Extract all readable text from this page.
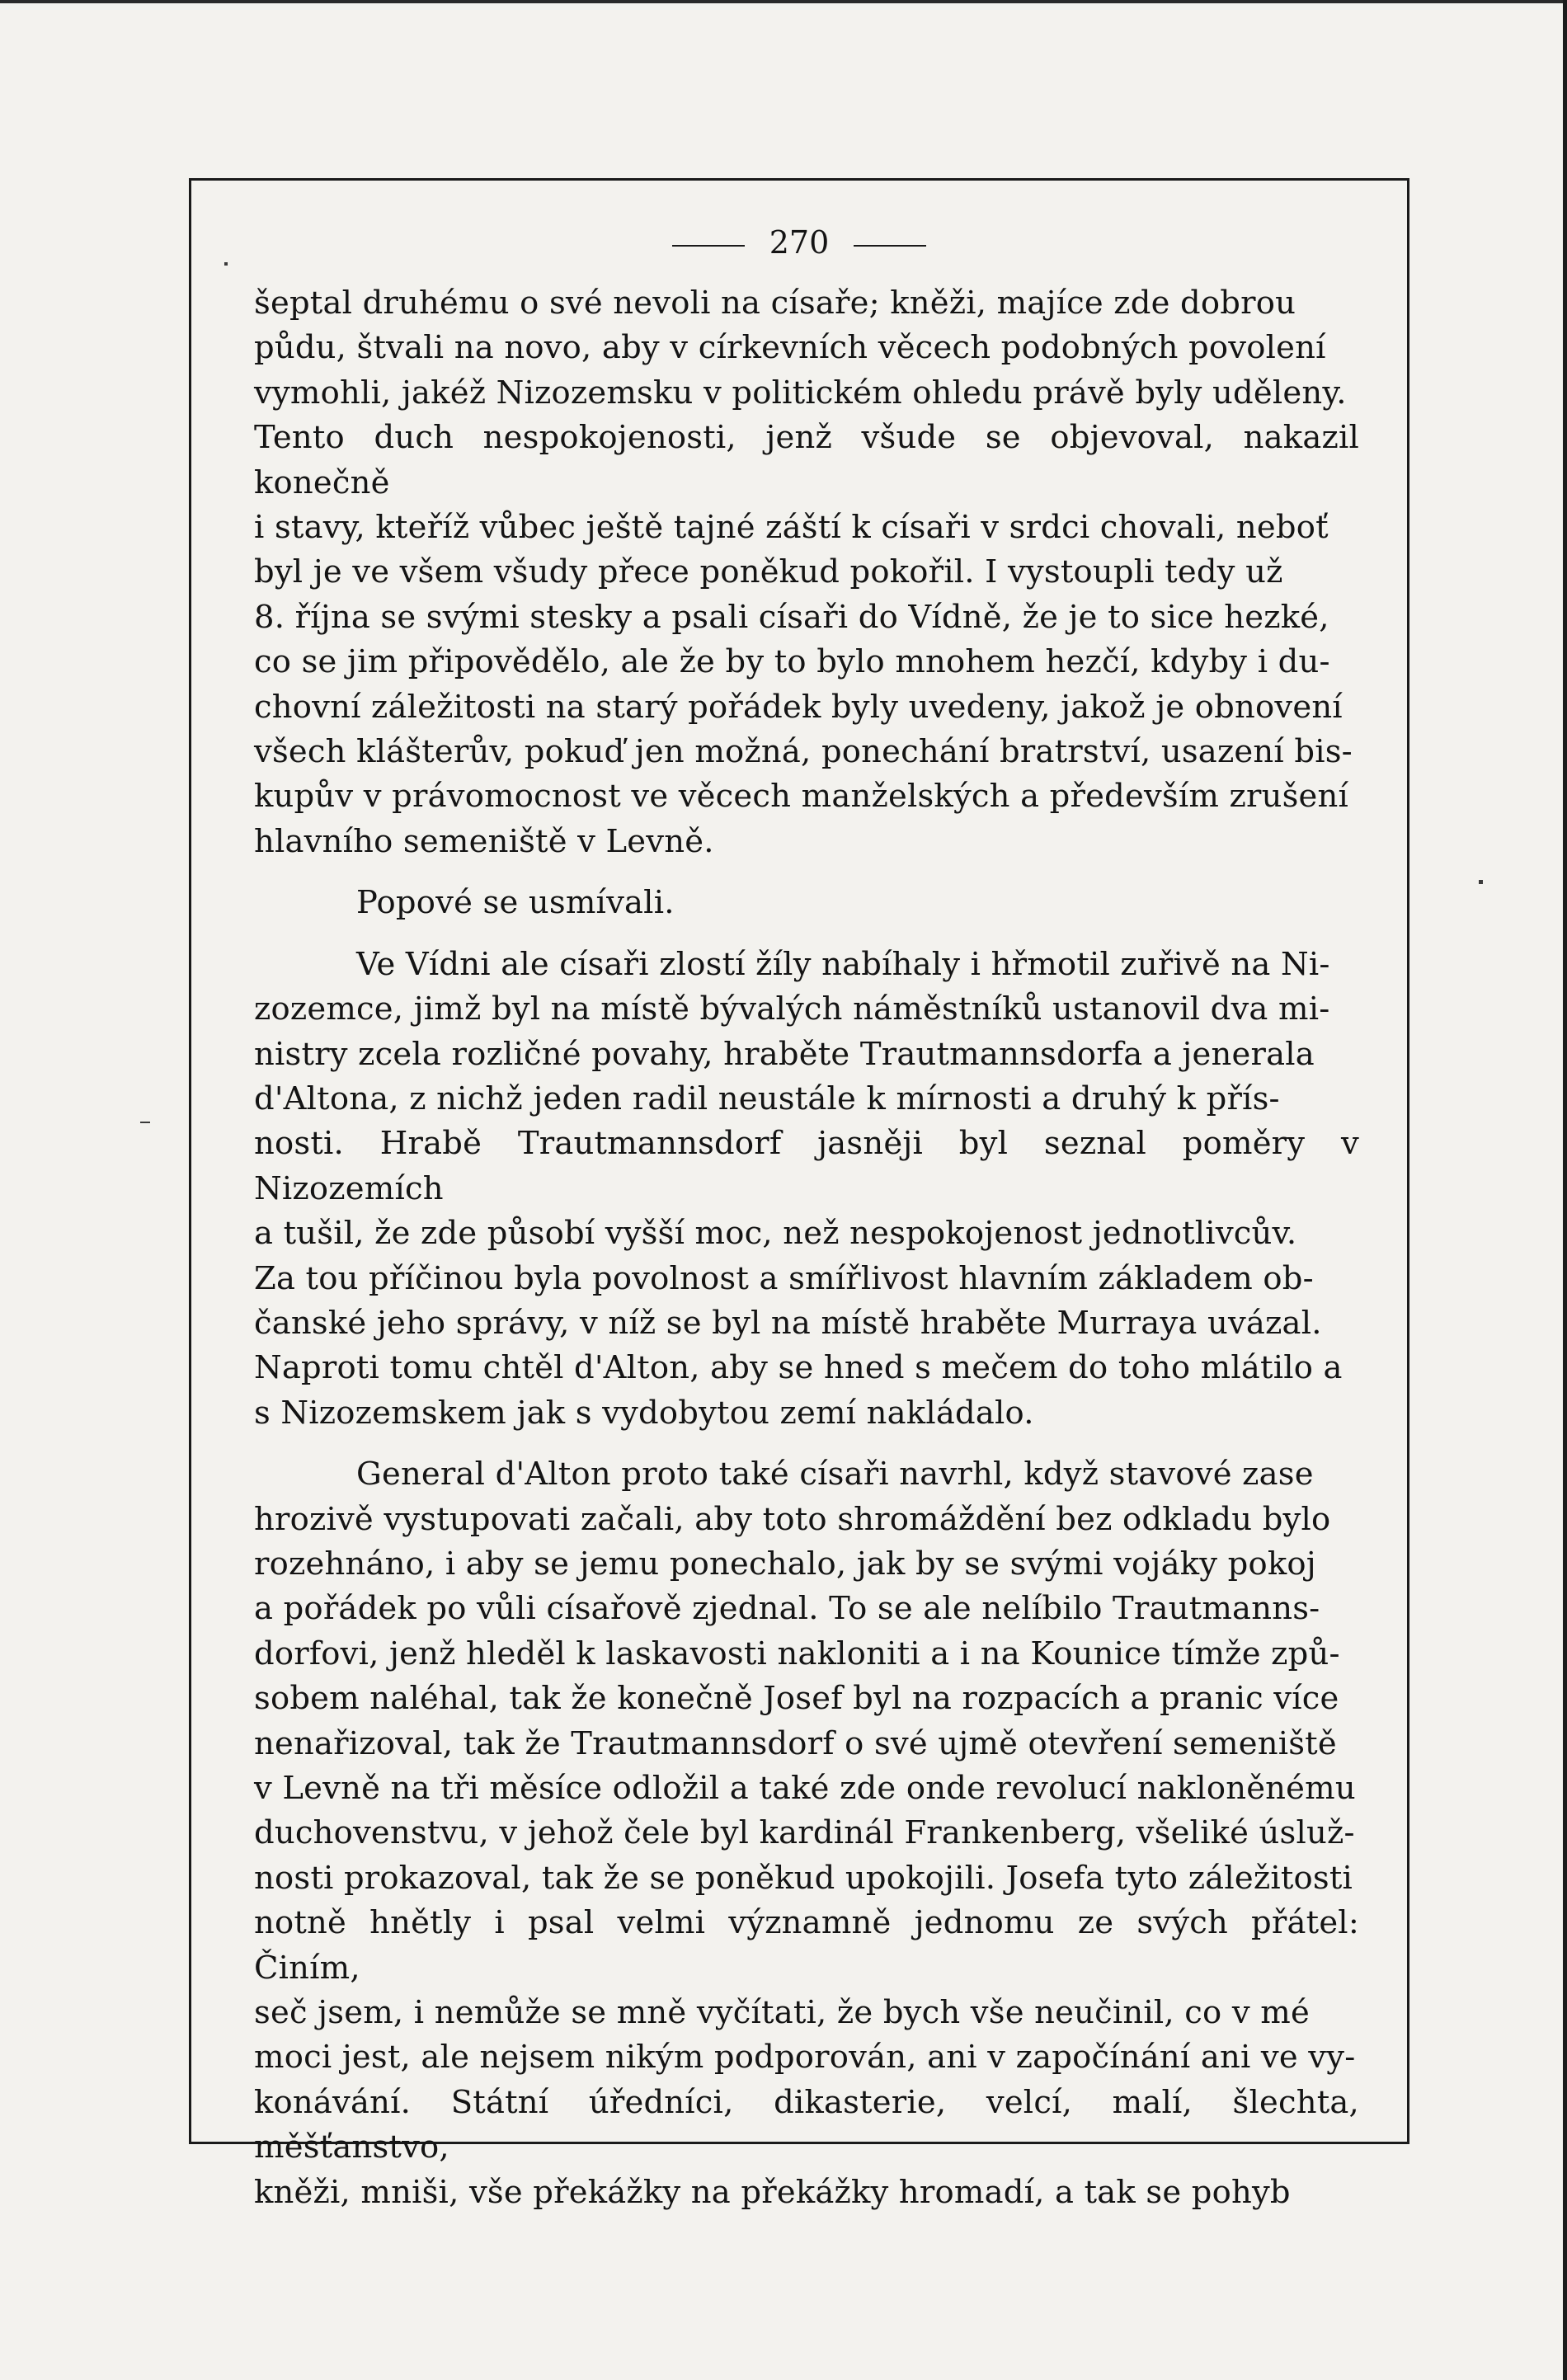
270
šeptal druhému o své nevoli na císaře; kněži, majíce zde dobrou
půdu, štvali na novo, aby v církevních věcech podobných povolení
vymohli, jakéž Nizozemsku v politickém ohledu právě byly uděleny.
Tento duch nespokojenosti, jenž všude se objevoval, nakazil konečně
i stavy, kteříž vůbec ještě tajné záští k císaři v srdci chovali, neboť
byl je ve všem všudy přece poněkud pokořil. I vystoupli tedy už
8. října se svými stesky a psali císaři do Vídně, že je to sice hezké,
co se jim připovědělo, ale že by to bylo mnohem hezčí, kdyby i du-
chovní záležitosti na starý pořádek byly uvedeny, jakož je obnovení
všech klášterův, pokuď jen možná, ponechání bratrství, usazení bis-
kupův v právomocnost ve věcech manželských a především zrušení
hlavního semeniště v Levně.
Popové se usmívali.
Ve Vídni ale císaři zlostí žíly nabíhaly i hřmotil zuřivě na Ni-
zozemce, jimž byl na místě bývalých náměstníků ustanovil dva mi-
nistry zcela rozličné povahy, hraběte Trautmannsdorfa a jenerala
d'Altona, z nichž jeden radil neustále k mírnosti a druhý k přís-
nosti. Hrabě Trautmannsdorf jasněji byl seznal poměry v Nizozemích
a tušil, že zde působí vyšší moc, než nespokojenost jednotlivcův.
Za tou příčinou byla povolnost a smířlivost hlavním základem ob-
čanské jeho správy, v níž se byl na místě hraběte Murraya uvázal.
Naproti tomu chtěl d'Alton, aby se hned s mečem do toho mlátilo a
s Nizozemskem jak s vydobytou zemí nakládalo.
General d'Alton proto také císaři navrhl, když stavové zase
hrozivě vystupovati začali, aby toto shromáždění bez odkladu bylo
rozehnáno, i aby se jemu ponechalo, jak by se svými vojáky pokoj
a pořádek po vůli císařově zjednal. To se ale nelíbilo Trautmanns-
dorfovi, jenž hleděl k laskavosti nakloniti a i na Kounice tímže způ-
sobem naléhal, tak že konečně Josef byl na rozpacích a pranic více
nenařizoval, tak že Trautmannsdorf o své ujmě otevření semeniště
v Levně na tři měsíce odložil a také zde onde revolucí nakloněnému
duchovenstvu, v jehož čele byl kardinál Frankenberg, všeliké úsluž-
nosti prokazoval, tak že se poněkud upokojili. Josefa tyto záležitosti
notně hnětly i psal velmi významně jednomu ze svých přátel: Činím,
seč jsem, i nemůže se mně vyčítati, že bych vše neučinil, co v mé
moci jest, ale nejsem nikým podporován, ani v započínání ani ve vy-
konávání. Státní úředníci, dikasterie, velcí, malí, šlechta, měšťanstvo,
kněži, mniši, vše překážky na překážky hromadí, a tak se pohyb
